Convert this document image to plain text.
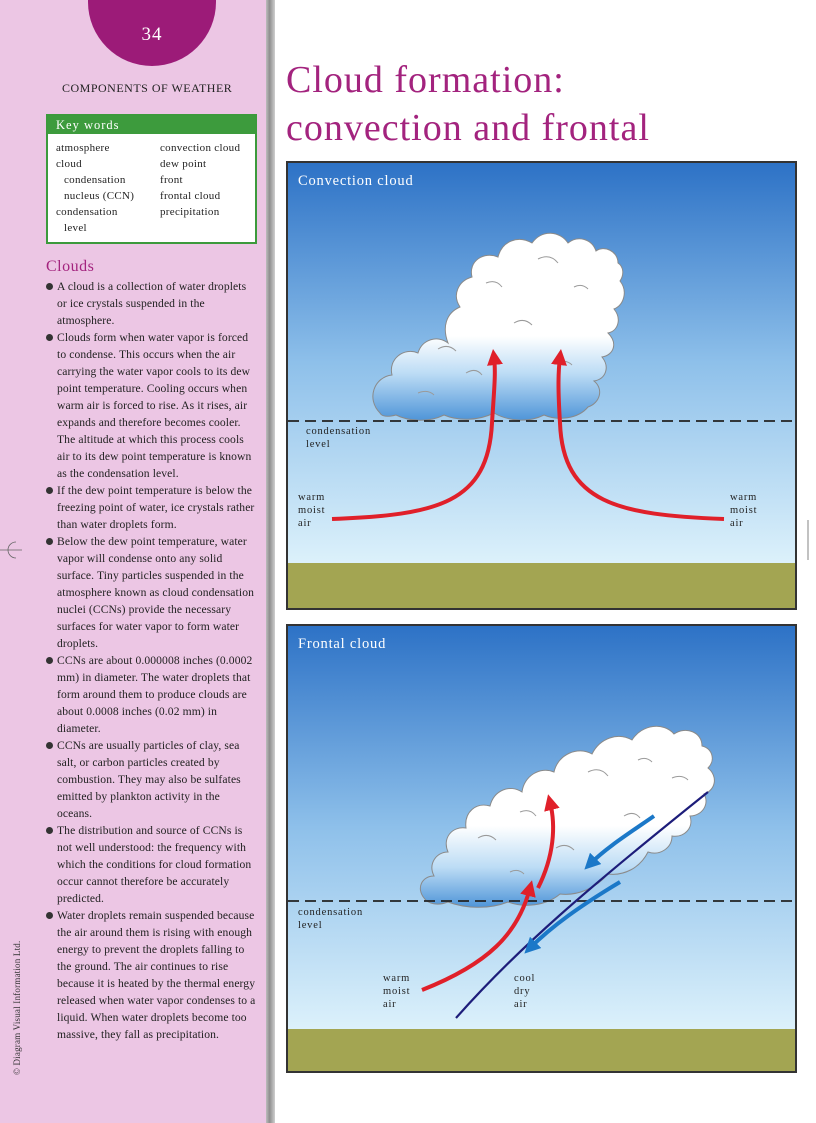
34
COMPONENTS OF WEATHER
Key words
atmosphere
cloud
condensation
nucleus (CCN)
condensation
level
convection cloud
dew point
front
frontal cloud
precipitation
Clouds
A cloud is a collection of water droplets or ice crystals suspended in the atmosphere.
Clouds form when water vapor is forced to condense. This occurs when the air carrying the water vapor cools to its dew point temperature. Cooling occurs when warm air is forced to rise. As it rises, air expands and therefore becomes cooler. The altitude at which this process cools air to its dew point temperature is known as the condensation level.
If the dew point temperature is below the freezing point of water, ice crystals rather than water droplets form.
Below the dew point temperature, water vapor will condense onto any solid surface. Tiny particles suspended in the atmosphere known as cloud condensation nuclei (CCNs) provide the necessary surfaces for water vapor to form water droplets.
CCNs are about 0.000008 inches (0.0002 mm) in diameter. The water droplets that form around them to produce clouds are about 0.0008 inches (0.02 mm) in diameter.
CCNs are usually particles of clay, sea salt, or carbon particles created by combustion. They may also be sulfates emitted by plankton activity in the oceans.
The distribution and source of CCNs is not well understood: the frequency with which the conditions for cloud formation occur cannot therefore be accurately predicted.
Water droplets remain suspended because the air around them is rising with enough energy to prevent the droplets falling to the ground. The air continues to rise because it is heated by the thermal energy released when water vapor condenses to a liquid. When water droplets become too massive, they fall as precipitation.
© Diagram Visual Information Ltd.
Cloud formation:
convection and frontal
Convection cloud
condensation
level
warm
moist
air
warm
moist
air
Frontal cloud
condensation
level
warm
moist
air
cool
dry
air
